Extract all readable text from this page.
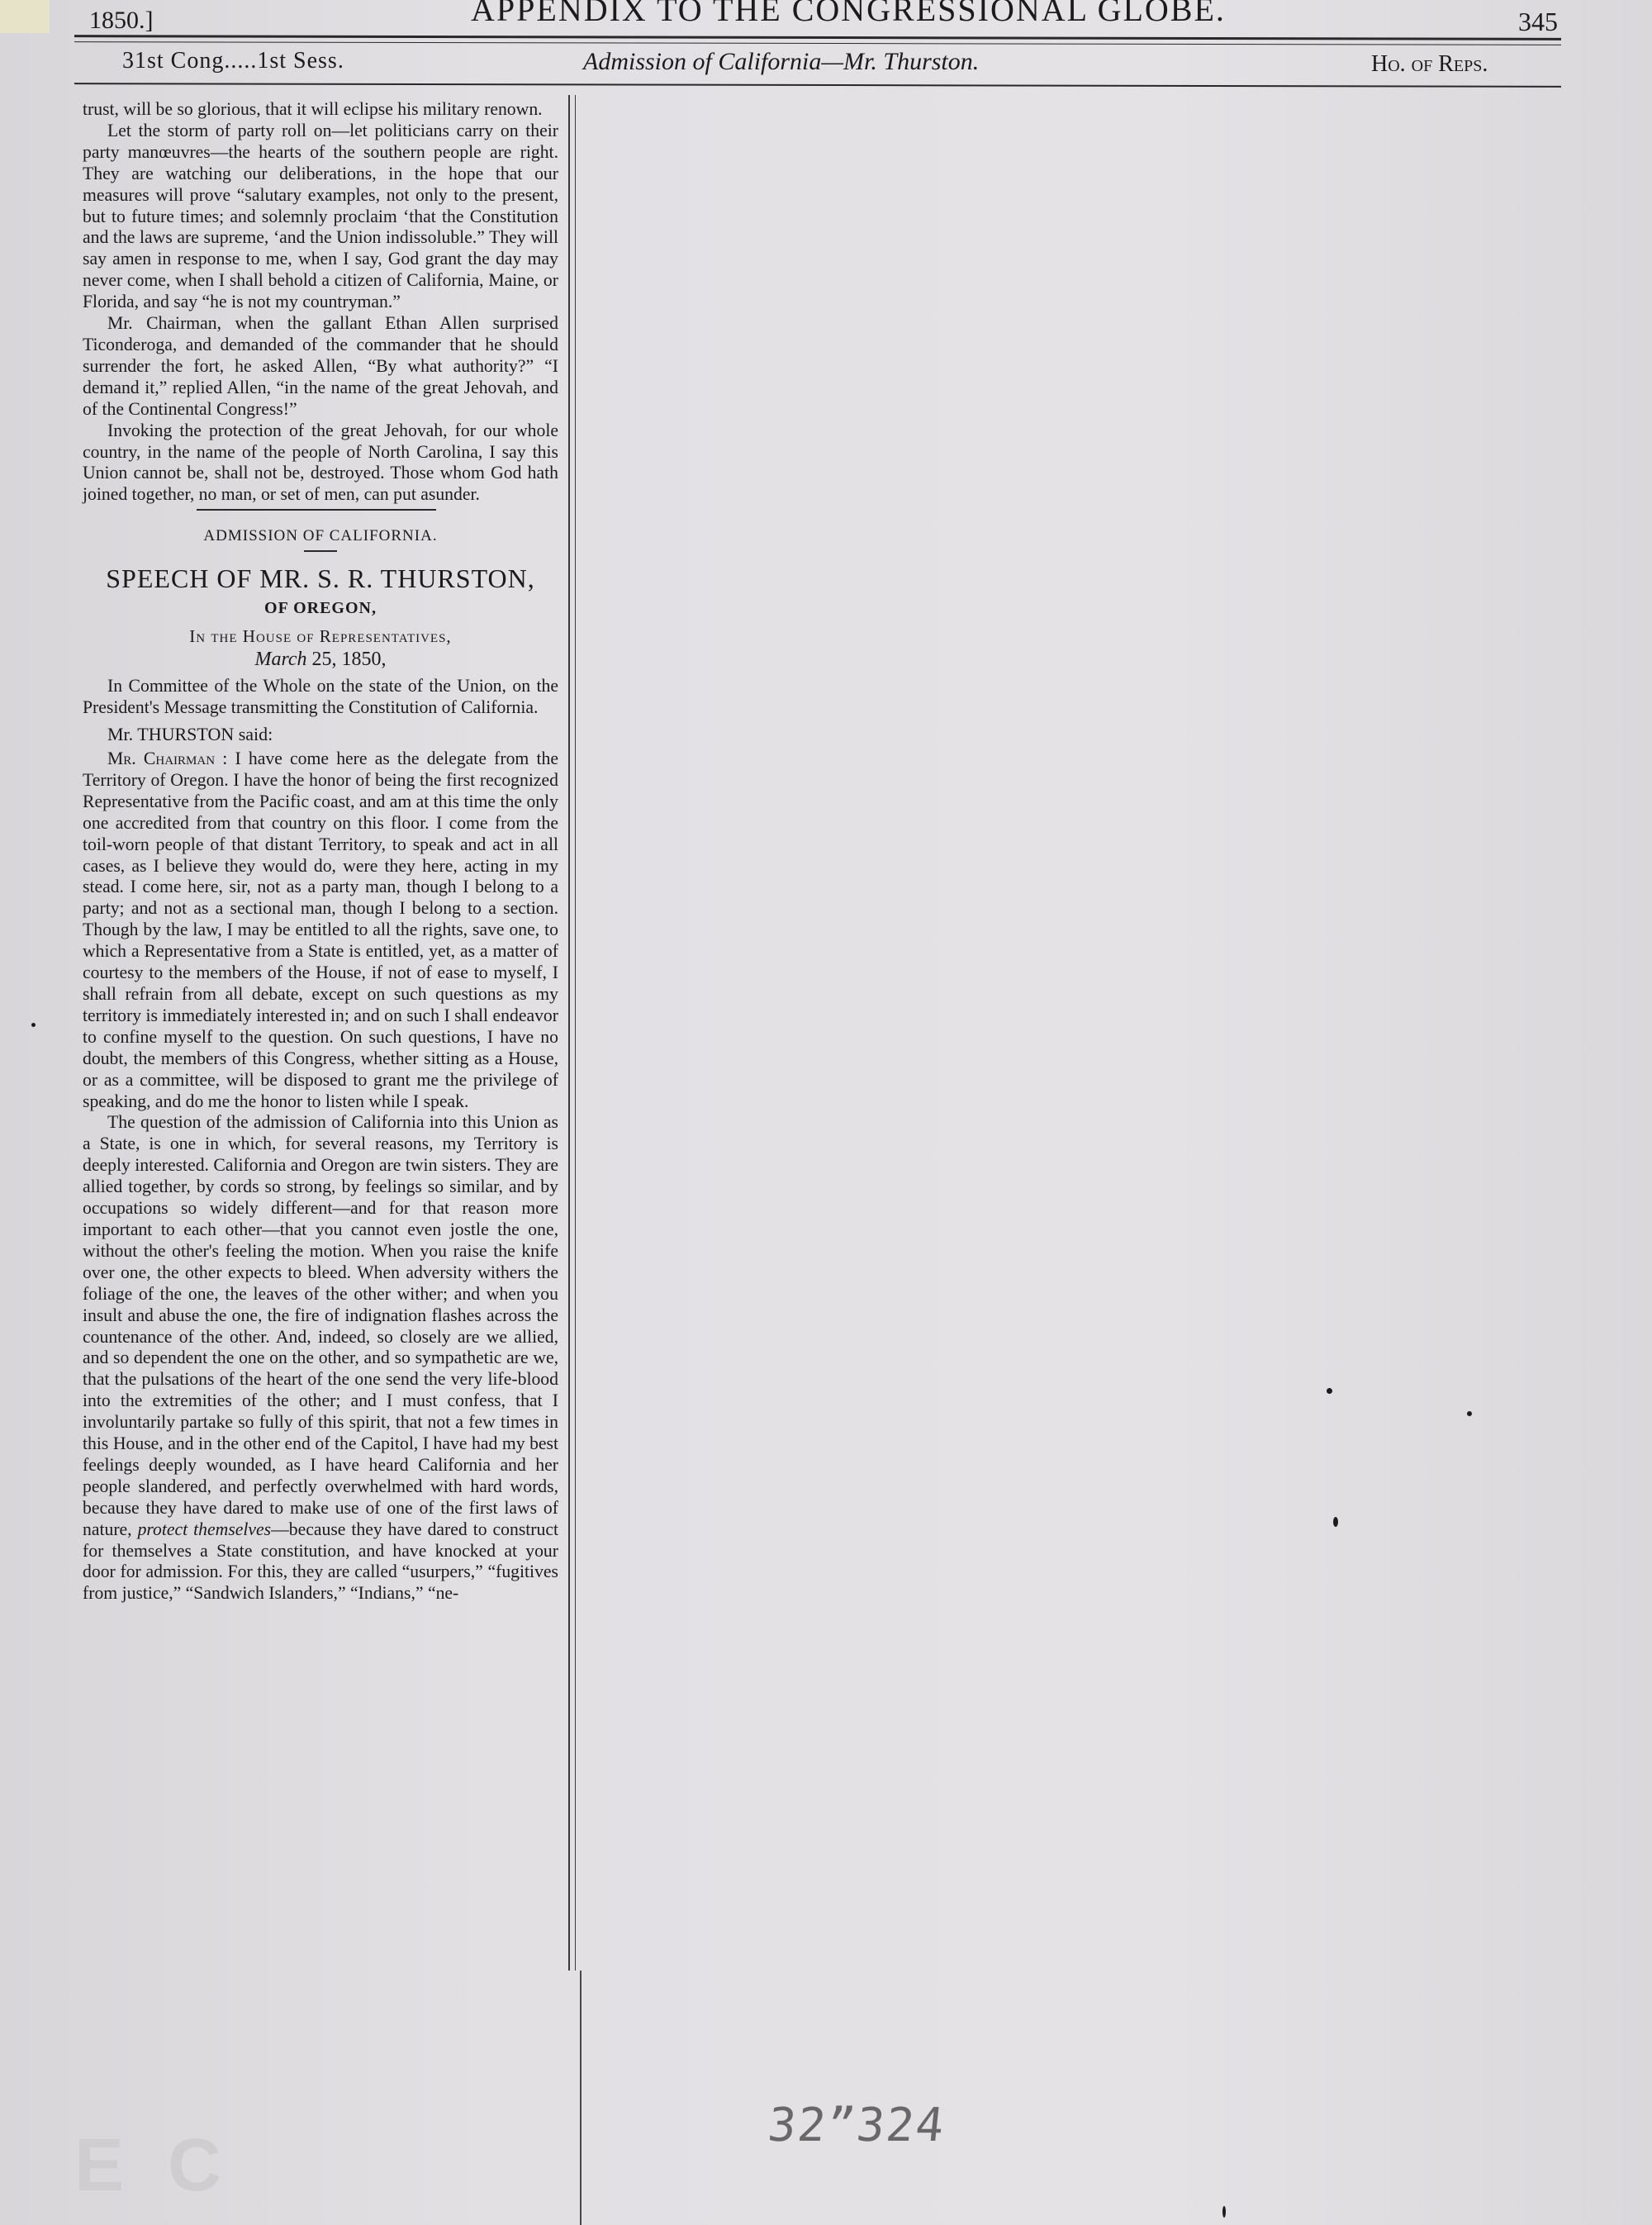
1850.]	APPENDIX TO THE CONGRESSIONAL GLOBE.	345
31st Cong.....1st Sess.	Admission of California—Mr. Thurston.	Ho. of Reps.

trust, will be so glorious, that it will eclipse his military renown.

Let the storm of party roll on—let politicians carry on their party manœuvres—the hearts of the southern people are right. They are watching our deliberations, in the hope that our measures will prove “salutary examples, not only to the present, but to future times; and solemnly proclaim ‘that the Constitution and the laws are supreme, ‘and the Union indissoluble.” They will say amen in response to me, when I say, God grant the day may never come, when I shall behold a citizen of California, Maine, or Florida, and say “he is not my countryman.”

Mr. Chairman, when the gallant Ethan Allen surprised Ticonderoga, and demanded of the commander that he should surrender the fort, he asked Allen, “By what authority?” “I demand it,” replied Allen, “in the name of the great Jehovah, and of the Continental Congress!”

Invoking the protection of the great Jehovah, for our whole country, in the name of the people of North Carolina, I say this Union cannot be, shall not be, destroyed. Those whom God hath joined together, no man, or set of men, can put asunder.

ADMISSION OF CALIFORNIA.
SPEECH OF MR. S. R. THURSTON,
OF OREGON,
In the House of Representatives,
March 25, 1850,

In Committee of the Whole on the state of the Union, on the President's Message transmitting the Constitution of California.

Mr. THURSTON said:

Mr. Chairman : I have come here as the delegate from the Territory of Oregon. I have the honor of being the first recognized Representative from the Pacific coast, and am at this time the only one accredited from that country on this floor. I come from the toil-worn people of that distant Territory, to speak and act in all cases, as I believe they would do, were they here, acting in my stead. I come here, sir, not as a party man, though I belong to a party; and not as a sectional man, though I belong to a section. Though by the law, I may be entitled to all the rights, save one, to which a Representative from a State is entitled, yet, as a matter of courtesy to the members of the House, if not of ease to myself, I shall refrain from all debate, except on such questions as my territory is immediately interested in; and on such I shall endeavor to confine myself to the question. On such questions, I have no doubt, the members of this Congress, whether sitting as a House, or as a committee, will be disposed to grant me the privilege of speaking, and do me the honor to listen while I speak.

The question of the admission of California into this Union as a State, is one in which, for several reasons, my Territory is deeply interested. California and Oregon are twin sisters. They are allied together, by cords so strong, by feelings so similar, and by occupations so widely different—and for that reason more important to each other—that you cannot even jostle the one, without the other's feeling the motion. When you raise the knife over one, the other expects to bleed. When adversity withers the foliage of the one, the leaves of the other wither; and when you insult and abuse the one, the fire of indignation flashes across the countenance of the other. And, indeed, so closely are we allied, and so dependent the one on the other, and so sympathetic are we, that the pulsations of the heart of the one send the very life-blood into the extremities of the other; and I must confess, that I involuntarily partake so fully of this spirit, that not a few times in this House, and in the other end of the Capitol, I have had my best feelings deeply wounded, as I have heard California and her people slandered, and perfectly overwhelmed with hard words, because they have dared to make use of one of the first laws of nature, protect themselves—because they have dared to construct for themselves a State constitution, and have knocked at your door for admission. For this, they are called “usurpers,” “fugitives from justice,” “Sandwich Islanders,” “Indians,” “ne-

E C	32”324
